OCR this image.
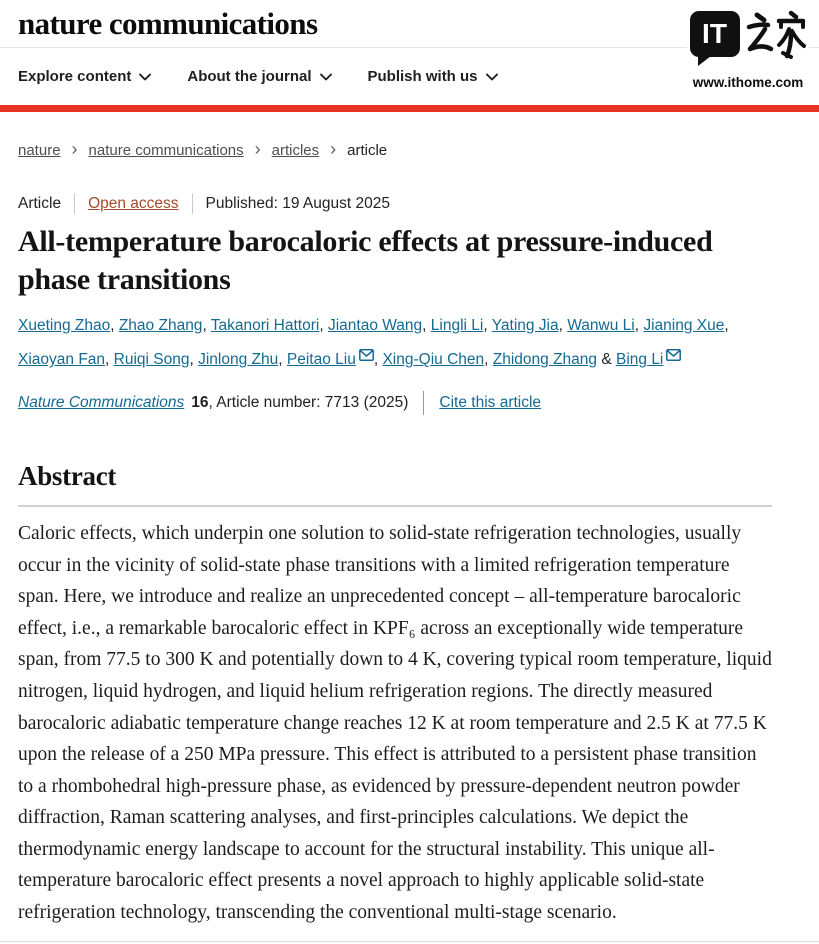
nature communications
Explore content	About the journal	Publish with us
IT
www.ithome.com
nature › nature communications › articles › article
Article Open access Published: 19 August 2025
All-temperature barocaloric effects at pressure-induced phase transitions

Xueting Zhao, Zhao Zhang, Takanori Hattori, Jiantao Wang, Lingli Li, Yating Jia, Wanwu Li, Jianing Xue, Xiaoyan Fan, Ruiqi Song, Jinlong Zhu, Peitao Liu , Xing-Qiu Chen, Zhidong Zhang & Bing Li

Nature Communications 16 , Article number: 7713 (2025) Cite this article
Abstract

Caloric effects, which underpin one solution to solid-state refrigeration technologies, usually occur in the vicinity of solid-state phase transitions with a limited refrigeration temperature span. Here, we introduce and realize an unprecedented concept – all-temperature barocaloric effect, i.e., a remarkable barocaloric effect in KPF₆ across an exceptionally wide temperature span, from 77.5 to 300 K and potentially down to 4 K, covering typical room temperature, liquid nitrogen, liquid hydrogen, and liquid helium refrigeration regions. The directly measured barocaloric adiabatic temperature change reaches 12 K at room temperature and 2.5 K at 77.5 K upon the release of a 250 MPa pressure. This effect is attributed to a persistent phase transition to a rhombohedral high-pressure phase, as evidenced by pressure-dependent neutron powder diffraction, Raman scattering analyses, and first-principles calculations. We depict the thermodynamic energy landscape to account for the structural instability. This unique all-temperature barocaloric effect presents a novel approach to highly applicable solid-state refrigeration technology, transcending the conventional multi-stage scenario.
